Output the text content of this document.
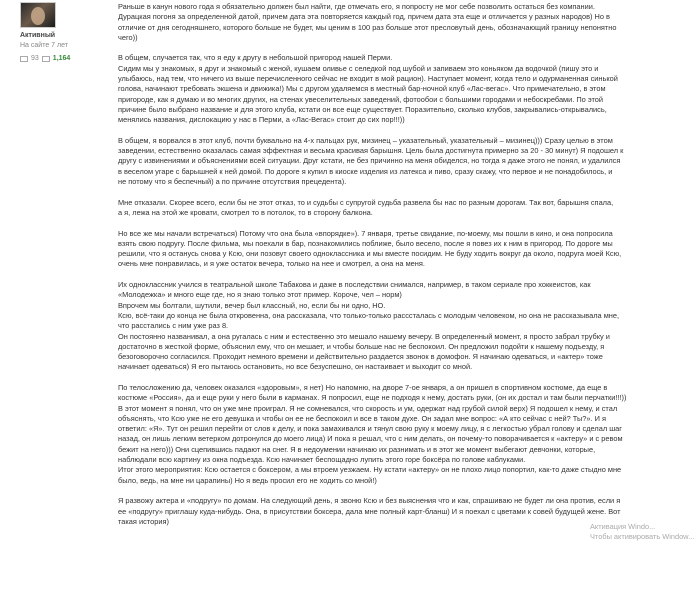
Активный
На сайте 7 лет
93 1,164
Раньше в канун нового года я обязательно должен был найти, где отмечать его, я попросту не мог себе позволить остаться без компании.
Дурацкая погоня за определенной датой, причем дата эта повторяется каждый год, причем дата эта еще и отличается у разных народов) Но в
отличие от дня сегодняшнего, которого больше не будет, мы ценим в 100 раз больше этот пресловутый день, обозначающий границу непонятно
чего))
В общем, случается так, что я еду к другу в небольшой пригород нашей Перми.
Сидим мы у знакомых, я друг и знакомый с женой, кушаем оливье с селедкой под шубой и запиваем это коньяком да водочкой (пишу это и
улыбаюсь, над тем, что ничего из выше перечисленного сейчас не входит в мой рацион). Наступает момент, когда тело и одурманенная синькой
голова, начинают требовать экшена и движика!) Мы с другом удаляемся в местный бар-ночной клуб «Лас-вегас». Что примечательно, в этом
пригороде, как я думаю и во многих других, на стенах увеселительных заведений, фотообои с большими городами и небоскребами. По этой
причине было выбрано название и для этого клуба, кстати он все еще существует. Поразительно, сколько клубов, закрывались-открывались,
менялись названия, дислокацию у нас в Перми, а «Лас-Вегас» стоит до сих пор!!!))
В общем, я ворвался в этот клуб, почти буквально на 4-х пальцах рук, мизинец – указательный, указательный – мизинец))) Сразу целью в этом
заведении, естественно оказалась самая эффектная и весьма красивая барышня. Цель была достигнута примерно за 20 - 30 минут) Я подошел к
другу с извинениями и объяснениями всей ситуации. Друг кстати, не без причинно на меня обиделся, но тогда я даже этого не понял, и удалился
в веселом угаре с барышней к ней домой. По дороге я купил в киоске изделия из латекса и пиво, сразу скажу, что первое и не понадобилось, и
не потому что я беспечный) а по причине отсутствия прецедента).
Мне отказали. Скорее всего, если бы не этот отказ, то и судьбы с супругой судьба развела бы нас по разным дорогам. Так вот, барышня спала,
а я, лежа на этой же кровати, смотрел то в потолок, то в сторону балкона.
Но все же мы начали встречаться) Потому что она была «впорядке»). 7 января, третье свидание, по-моему, мы пошли в кино, и она попросила
взять свою подругу. После фильма, мы поехали в бар, познакомились поближе, было весело, после я повез их к ним в пригород. По дороге мы
решили, что я останусь снова у Ксю, они позовут своего одноклассника и мы вместе посидим. Не буду ходить вокруг да около, подруга моей Ксю,
очень мне понравилась, и я уже остаток вечера, только на нее и смотрел, а она на меня.
Их одноклассник учился в театральной школе Табакова и даже в последствии снимался, например, в таком сериале про хоккеистов, как
«Молодежка» и много еще где, но я знаю только этот пример. Короче, чел – норм)
Впрочем мы болтали, шутили, вечер был классный, но, если бы ни одно, НО.
Ксю, всё-таки до конца не была откровенна, она рассказала, что только-только расссталась с молодым человеком, но она не рассказывала мне,
что расстались с ним уже раз 8.
Он постоянно названивал, а она ругалась с ним и естественно это мешало нашему вечеру. В определенный момент, я просто забрал трубку и
достаточно в жесткой форме, объяснил ему, что он мешает, и чтобы больше нас не беспокоил. Он предложил подойти к нашему подъезду, я
безоговорочно согласился. Проходит немного времени и действительно раздается звонок в домофон. Я начинаю одеваться, и «актер» тоже
начинает одеваться) Я его пытаюсь остановить, но все безуспешно, он настаивает и выходит со мной.
По телосложению да, человек оказался «здоровым», я нет) Но напомню, на дворе 7-ое января, а он пришел в спортивном костюме, да еще в
костюме «Россия», да и еще руки у него были в карманах. Я попросил, еще не подходя к нему, достать руки, (он их достал и там были перчатки!!!))
В этот момент я понял, что он уже мне проиграл. Я не сомневался, что скорость и ум, одержат над грубой силой верх) Я подошел к нему, и стал
объяснять, что Ксю уже не его девушка и чтобы он ее не беспокоил и все в таком духе. Он задал мне вопрос: «А кто сейчас с ней? Ты?». И я
ответил: «Я». Тут он решил перейти от слов к делу, и пока замахивался и тянул свою руку к моему лицу, я с легкостью убрал голову и сделал шаг
назад, он лишь легким ветерком дотронулся до моего лица) И пока я решал, что с ним делать, он почему-то поворачивается к «актеру» и с ревом
бежит на него))) Они сцепившись падают на снег. Я в недоумении начинаю их разнимать и в этот же момент выбегают девчонки, которые,
наблюдали всю картину из окна подъезда. Ксю начинает беспощадно лупить этого горе боксёра по голове каблуками.
Итог этого мероприятия: Ксю остается с боксером, а мы втроем уезжаем. Ну кстати «актеру» он не плохо лицо попортил, как-то даже стыдно мне
было, ведь, на мне ни царапины) Но я ведь просил его не ходить со мной!)
Я развожу актера и «подругу» по домам. На следующий день, я звоню Ксю и без выяснения что и как, спрашиваю не будет ли она против, если я
ее «подругу» приглашу куда-нибудь. Она, в присутствии боксера, дала мне полный карт-бланш) И я поехал с цветами к совей будущей жене. Вот
такая история)
Активация Windo...
Чтобы активировать Window...
